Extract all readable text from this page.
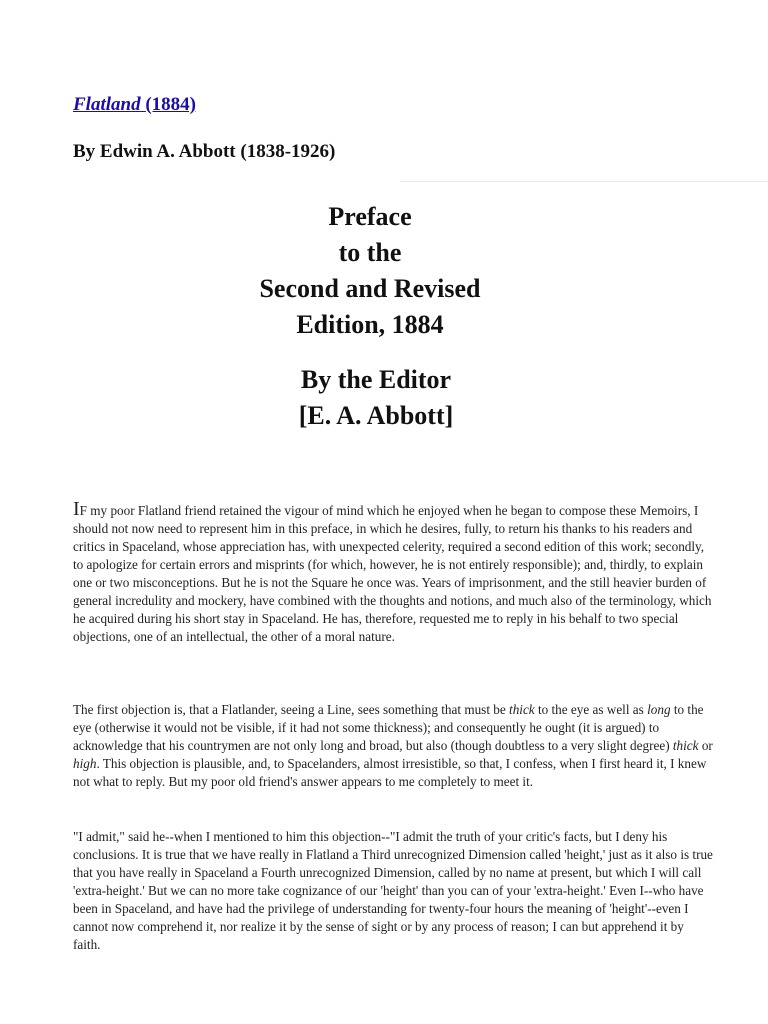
Flatland (1884)

By Edwin A. Abbott (1838-1926)

Preface
to the
Second and Revised
Edition, 1884
By the Editor
[E. A. Abbott]

IF my poor Flatland friend retained the vigour of mind which he enjoyed when he began to compose these Memoirs, I should not now need to represent him in this preface, in which he desires, fully, to return his thanks to his readers and critics in Spaceland, whose appreciation has, with unexpected celerity, required a second edition of this work; secondly, to apologize for certain errors and misprints (for which, however, he is not entirely responsible); and, thirdly, to explain one or two misconceptions. But he is not the Square he once was. Years of imprisonment, and the still heavier burden of general incredulity and mockery, have combined with the thoughts and notions, and much also of the terminology, which he acquired during his short stay in Spaceland. He has, therefore, requested me to reply in his behalf to two special objections, one of an intellectual, the other of a moral nature.

The first objection is, that a Flatlander, seeing a Line, sees something that must be thick to the eye as well as long to the eye (otherwise it would not be visible, if it had not some thickness); and consequently he ought (it is argued) to acknowledge that his countrymen are not only long and broad, but also (though doubtless to a very slight degree) thick or high. This objection is plausible, and, to Spacelanders, almost irresistible, so that, I confess, when I first heard it, I knew not what to reply. But my poor old friend's answer appears to me completely to meet it.

"I admit," said he--when I mentioned to him this objection--"I admit the truth of your critic's facts, but I deny his conclusions. It is true that we have really in Flatland a Third unrecognized Dimension called 'height,' just as it also is true that you have really in Spaceland a Fourth unrecognized Dimension, called by no name at present, but which I will call 'extra-height.' But we can no more take cognizance of our 'height' than you can of your 'extra-height.' Even I--who have been in Spaceland, and have had the privilege of understanding for twenty-four hours the meaning of 'height'--even I cannot now comprehend it, nor realize it by the sense of sight or by any process of reason; I can but apprehend it by faith.
